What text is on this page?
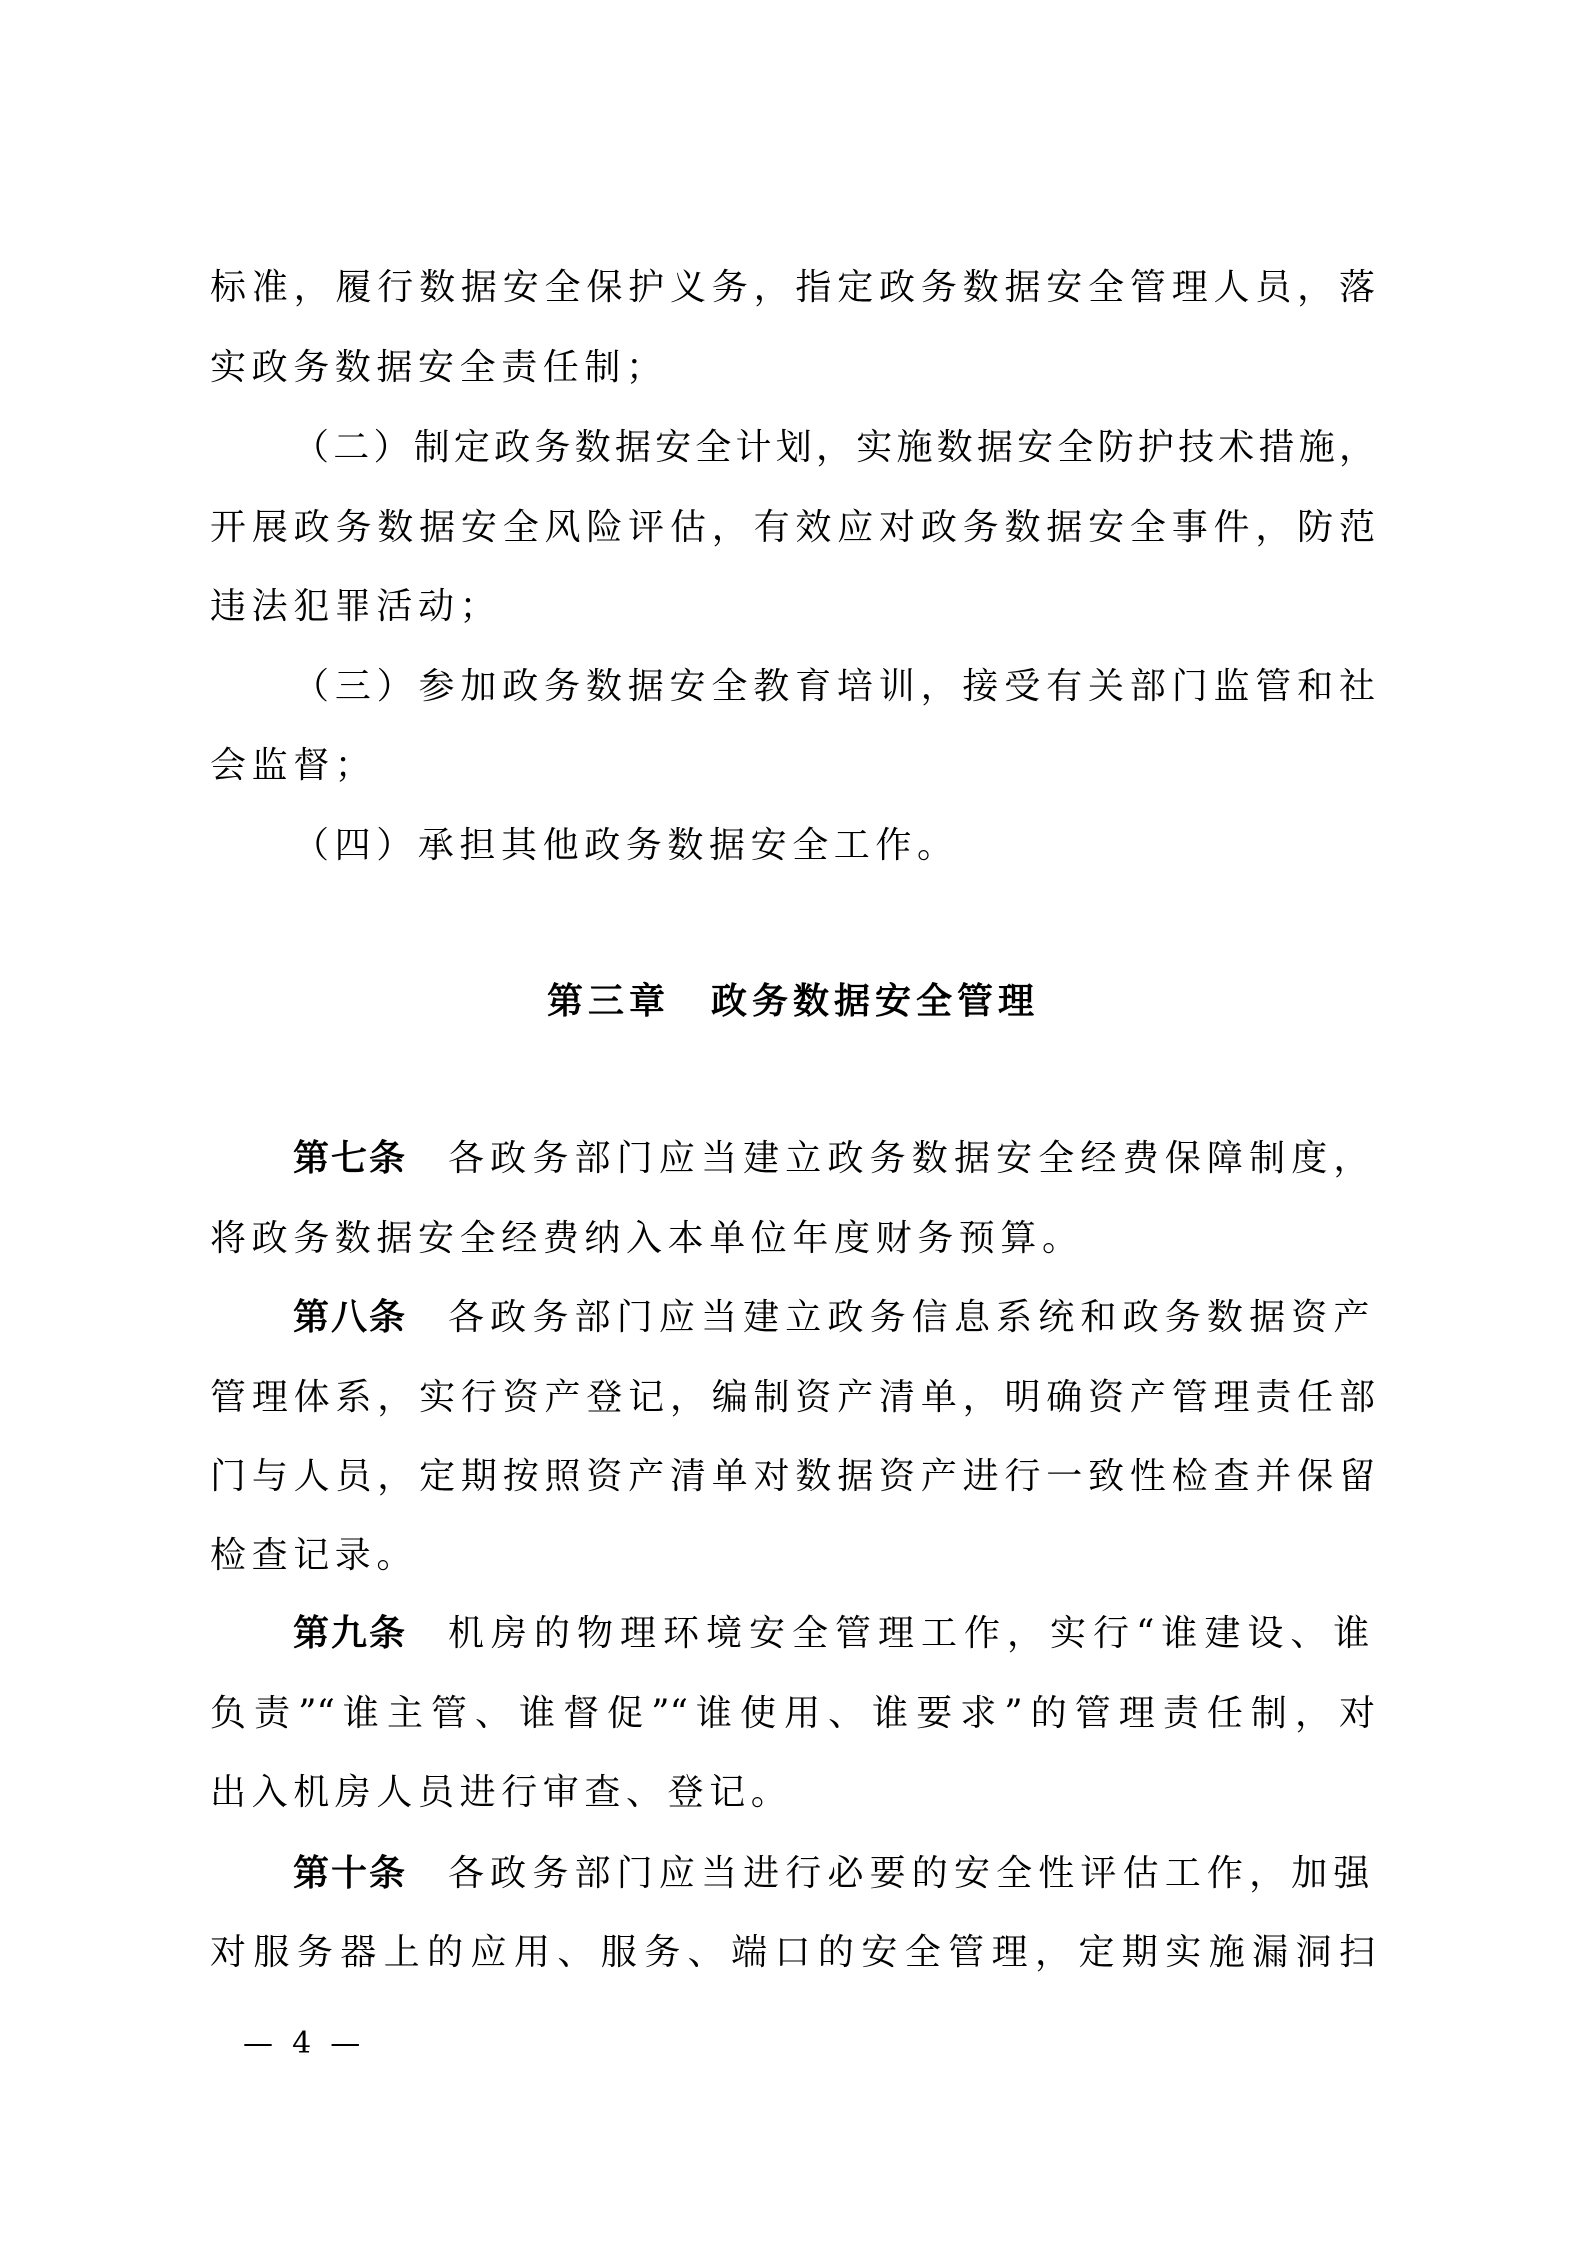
标准，履行数据安全保护义务，指定政务数据安全管理人员，落
实政务数据安全责任制；
（二）制定政务数据安全计划，实施数据安全防护技术措施，
开展政务数据安全风险评估，有效应对政务数据安全事件，防范
违法犯罪活动；
（三）参加政务数据安全教育培训，接受有关部门监管和社
会监督；
（四）承担其他政务数据安全工作。
第三章　政务数据安全管理
第七条 各政务部门应当建立政务数据安全经费保障制度，
将政务数据安全经费纳入本单位年度财务预算。
第八条 各政务部门应当建立政务信息系统和政务数据资产
管理体系，实行资产登记，编制资产清单，明确资产管理责任部
门与人员，定期按照资产清单对数据资产进行一致性检查并保留
检查记录。
第九条 机房的物理环境安全管理工作，实行“谁建设、谁
负责”“谁主管、谁督促”“谁使用、谁要求”的管理责任制，对
出入机房人员进行审查、登记。
第十条 各政务部门应当进行必要的安全性评估工作，加强
对服务器上的应用、服务、端口的安全管理，定期实施漏洞扫
—  4  —
